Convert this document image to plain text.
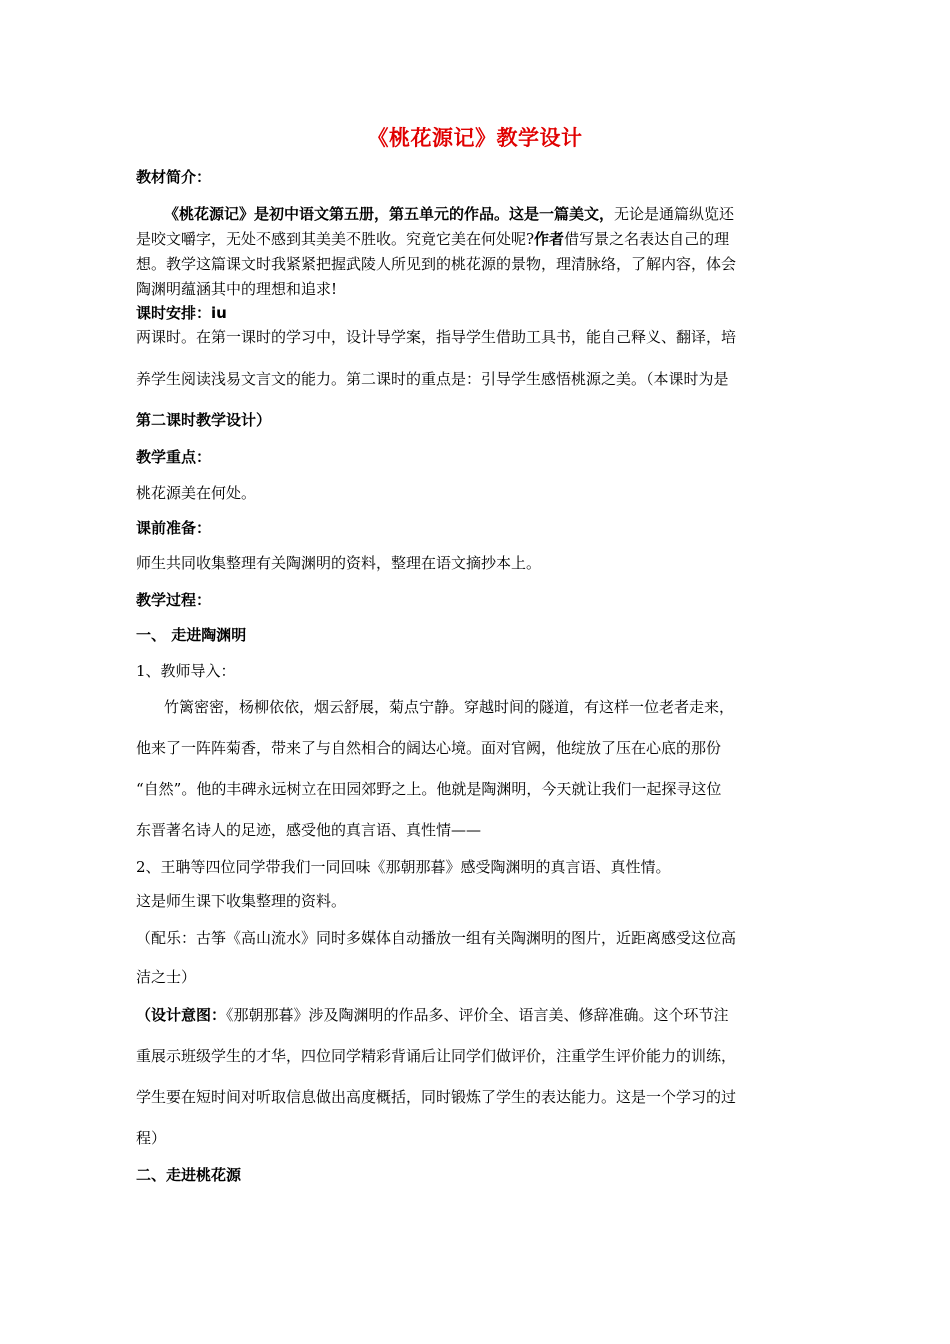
《桃花源记》教学设计
教材简介：
《桃花源记》是初中语文第五册，第五单元的作品。这是一篇美文，无论是通篇纵览还
是咬文嚼字，无处不感到其美美不胜收。究竟它美在何处呢?作者借写景之名表达自己的理
想。教学这篇课文时我紧紧把握武陵人所见到的桃花源的景物，理清脉络，了解内容，体会
陶渊明蕴涵其中的理想和追求!
课时安排：iu
两课时。在第一课时的学习中，设计导学案，指导学生借助工具书，能自己释义、翻译，培
养学生阅读浅易文言文的能力。第二课时的重点是：引导学生感悟桃源之美。（本课时为是
第二课时教学设计）
教学重点：
桃花源美在何处。
课前准备：
师生共同收集整理有关陶渊明的资料，整理在语文摘抄本上。
教学过程：
一、 走进陶渊明
1、教师导入：
竹篱密密，杨柳依依，烟云舒展，菊点宁静。穿越时间的隧道，有这样一位老者走来，
他来了一阵阵菊香，带来了与自然相合的阔达心境。面对官阙，他绽放了压在心底的那份
“自然”。他的丰碑永远树立在田园郊野之上。他就是陶渊明，今天就让我们一起探寻这位
东晋著名诗人的足迹，感受他的真言语、真性情——
2、王聃等四位同学带我们一同回味《那朝那暮》感受陶渊明的真言语、真性情。
这是师生课下收集整理的资料。
（配乐：古筝《高山流水》同时多媒体自动播放一组有关陶渊明的图片，近距离感受这位高
洁之士）
（设计意图：《那朝那暮》涉及陶渊明的作品多、评价全、语言美、修辞准确。这个环节注
重展示班级学生的才华，四位同学精彩背诵后让同学们做评价，注重学生评价能力的训练，
学生要在短时间对听取信息做出高度概括，同时锻炼了学生的表达能力。这是一个学习的过
程）
二、走进桃花源
